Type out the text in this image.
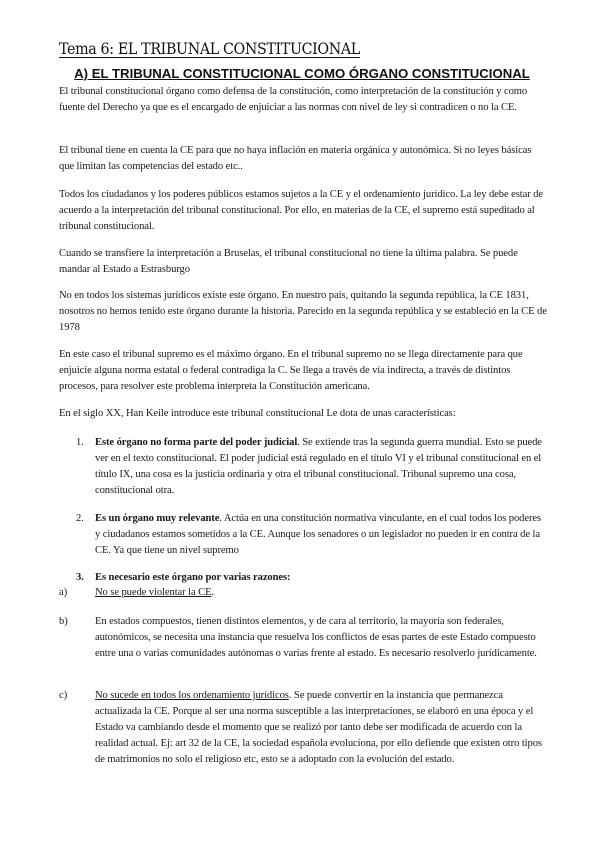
Tema 6: EL TRIBUNAL CONSTITUCIONAL
A) EL TRIBUNAL CONSTITUCIONAL COMO ÓRGANO CONSTITUCIONAL

El tribunal constitucional órgano como defensa de la constitución, como interpretación de la constitución y como fuente del Derecho ya que es el encargado de enjuiciar a las normas con nivel de ley si contradicen o no la CE.

El tribunal tiene en cuenta la CE para que no haya inflación en materia orgánica y autonómica. Si no leyes básicas que limitan las competencias del estado etc..

Todos los ciudadanos y los poderes públicos estamos sujetos a la CE y el ordenamiento jurídico. La ley debe estar de acuerdo a la interpretación del tribunal constitucional. Por ello, en materias de la CE, el supremo está supeditado al tribunal constitucional.

Cuando se transfiere la interpretación a Bruselas, el tribunal constitucional no tiene la última palabra. Se puede mandar al Estado a Estrasburgo

No en todos los sistemas jurídicos existe este órgano. En nuestro país, quitando la segunda república, la CE 1831, nosotros no hemos tenido este órgano durante la historia. Parecido en la segunda república y se estableció en la CE de 1978

En este caso el tribunal supremo es el máximo órgano. En el tribunal supremo no se llega directamente para que enjuicie alguna norma estatal o federal contradiga la C. Se llega a través de vía indirecta, a través de distintos procesos, para resolver este problema interpreta la Constitución americana.

En el siglo XX, Han Keile introduce este tribunal constitucional Le dota de unas características:

1. Este órgano no forma parte del poder judicial. Se extiende tras la segunda guerra mundial. Esto se puede ver en el texto constitucional. El poder judicial está regulado en el título VI y el tribunal constitucional en el título IX, una cosa es la justicia ordinaria y otra el tribunal constitucional. Tribunal supremo una cosa, constitucional otra.

2. Es un órgano muy relevante. Actúa en una constitución normativa vinculante, en el cual todos los poderes y ciudadanos estamos sometidos a la CE. Aunque los senadores o un legislador no pueden ir en contra de la CE. Ya que tiene un nivel supremo

3. Es necesario este órgano por varias razones:

a)	No se puede violentar la CE.

b)	En estados compuestos, tienen distintos elementos, y de cara al territorio, la mayoría son federales, autonómicos, se necesita una instancia que resuelva los conflictos de esas partes de este Estado compuesto entre una o varias comunidades autónomas o varias frente al estado. Es necesario resolverlo jurídicamente.

c)	No sucede en todos los ordenamiento jurídicos. Se puede convertir en la instancia que permanezca actualizada la CE. Porque al ser una norma susceptible a las interpretaciones, se elaboró en una época y el Estado va cambiando desde el momento que se realizó por tanto debe ser modificada de acuerdo con la realidad actual. Ej: art 32 de la CE, la sociedad española evoluciona, por ello defiende que existen otro tipos de matrimonios no solo el religioso etc, esto se a adoptado con la evolución del estado.
